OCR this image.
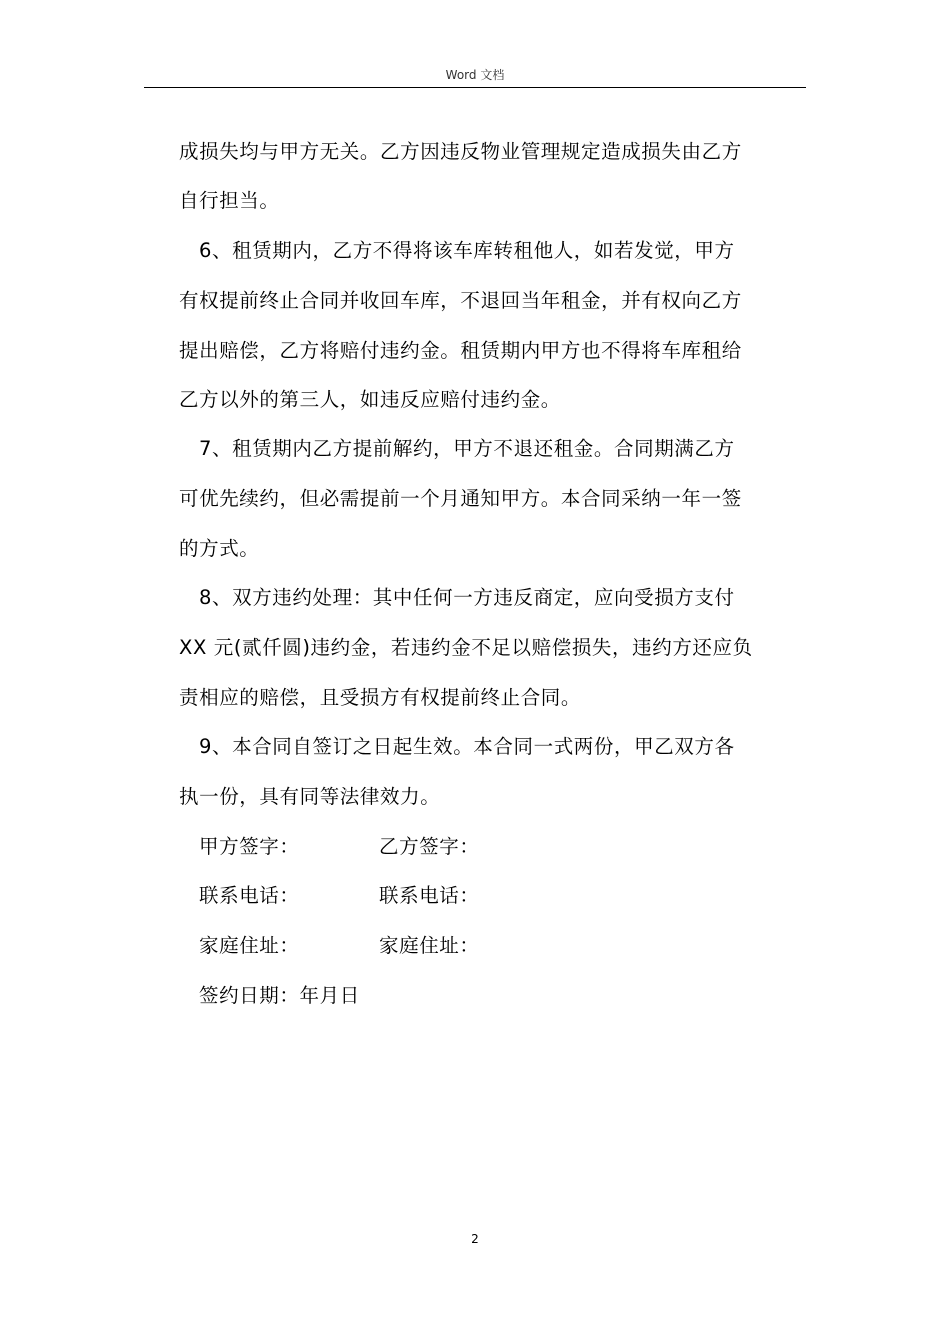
Word 文档
成损失均与甲方无关。乙方因违反物业管理规定造成损失由乙方
自行担当。
6、租赁期内，乙方不得将该车库转租他人，如若发觉，甲方
有权提前终止合同并收回车库，不退回当年租金，并有权向乙方
提出赔偿，乙方将赔付违约金。租赁期内甲方也不得将车库租给
乙方以外的第三人，如违反应赔付违约金。
7、租赁期内乙方提前解约，甲方不退还租金。合同期满乙方
可优先续约，但必需提前一个月通知甲方。本合同采纳一年一签
的方式。
8、双方违约处理：其中任何一方违反商定，应向受损方支付
XX 元(贰仟圆)违约金，若违约金不足以赔偿损失，违约方还应负
责相应的赔偿，且受损方有权提前终止合同。
9、本合同自签订之日起生效。本合同一式两份，甲乙双方各
执一份，具有同等法律效力。
甲方签字：	乙方签字：
联系电话：	联系电话：
家庭住址：	家庭住址：
签约日期：年月日
2
